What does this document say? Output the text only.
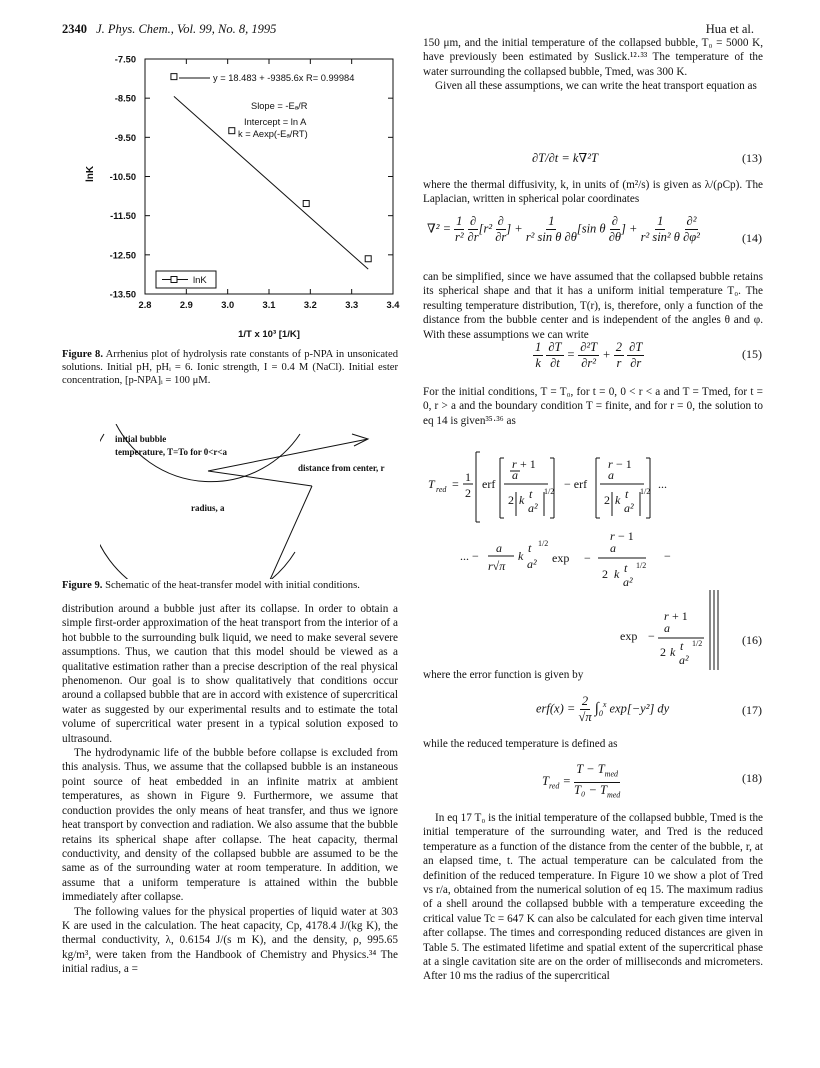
2340 J. Phys. Chem., Vol. 99, No. 8, 1995	Hua et al.
-7.50
-8.50
-9.50
-10.50
-11.50
-12.50
-13.50
2.8	2.9	3.0	3.1	3.2	3.3	3.4
y = 18.483 + -9385.6x R= 0.99984
Slope = -Eₐ/R
Intercept = ln A
k = Aexp(-Eₐ/RT)
lnK
lnK
1/T x 10³ [1/K]
Figure 8. Arrhenius plot of hydrolysis rate constants of p-NPA in unsonicated solutions. Initial pH, pHᵢ = 6. Ionic strength, I = 0.4 M (NaCl). Initial ester concentration, [p-NPA]ᵢ = 100 μM.
initial bubble
temperature, T=To for 0<r<a
distance from center, r
radius, a
Figure 9. Schematic of the heat-transfer model with initial conditions.

distribution around a bubble just after its collapse. In order to obtain a simple first-order approximation of the heat transport from the interior of a hot bubble to the surrounding bulk liquid, we need to make several severe assumptions. Thus, we caution that this model should be viewed as a qualitative estimation rather than a precise description of the real physical phenomenon. Our goal is to show qualitatively that conditions occur around a collapsed bubble that are in accord with existence of supercritical water as suggested by our experimental results and to estimate the total volume of supercritical water present in a typical solution exposed to ultrasound.

The hydrodynamic life of the bubble before collapse is excluded from this analysis. Thus, we assume that the collapsed bubble is an instaneous point source of heat embedded in an infinite matrix at ambient temperatures, as shown in Figure 9. Furthermore, we assume that conduction provides the only means of heat transfer, and thus we ignore heat transport by convection and radiation. We also assume that the bubble retains its spherical shape after collapse. The heat capacity, thermal conductivity, and density of the collapsed bubble are assumed to be the same as of the surrounding water at room temperature. In addition, we assume that a uniform temperature is attained within the bubble immediately after collapse.

The following values for the physical properties of liquid water at 303 K are used in the calculation. The heat capacity, Cp, 4178.4 J/(kg K), the thermal conductivity, λ, 0.6154 J/(s m K), and the density, ρ, 995.65 kg/m³, were taken from the Handbook of Chemistry and Physics.³⁴ The initial radius, a =

150 μm, and the initial temperature of the collapsed bubble, T₀ = 5000 K, have previously been estimated by Suslick.¹²·³³ The temperature of the water surrounding the collapsed bubble, Tmed, was 300 K.

Given all these assumptions, we can write the heat transport equation as

∂T/∂t = k∇²T	(13)

where the thermal diffusivity, k, in units of (m²/s) is given as λ/(ρCp). The Laplacian, written in spherical polar coordinates

$\nabla^2 = \frac{1}{\text{r²}}$
$\frac{\partial}{\partial r} [r^2 \frac{\partial}{\partial r}$ ] + $\frac{1}{\text{r² sin θ ∂θ}} [\sin$ θ $\frac{\partial}{\partial\theta}$ ] + $\frac{1}{\text{r² sin² θ}}$
$\frac{\text{∂²}}{\text{∂φ²}}$	(14)

can be simplified, since we have assumed that the collapsed bubble retains its spherical shape and that it has a uniform initial temperature T₀. The resulting temperature distribution, T(r), is, therefore, only a function of the distance from the bubble center and is independent of the angles θ and φ. With these assumptions we can write

$\frac{1}{k}$
$\frac{\partial T}{\partial t} = \frac{\text{∂²T}}{\text{∂r²}} + \frac{2}{r}$
$\frac{\partial T}{\partial r}$	(15)

For the initial conditions, T = T₀, for t = 0, 0 < r < a and T = Tmed, for t = 0, r > a and the boundary condition T = finite, and for r = 0, the solution to eq 14 is given³⁵·³⁶ as

T red = 1
2
erf
r + 1
a
2 k t
a²
1/2
− erf
r − 1
a
2 k t
a²
1/2
...
... −
a
r√π
k
t
a²
1/2
exp −
r − 1
a
2 k t
a²
1/2
−
exp −
r + 1
a
2 k t
a²
1/2	(16)

where the error function is given by

$erf(x) = \frac{2}{√\pi} \int_0^x$ exp[−y²] dy	(17)

while the reduced temperature is defined as

$T_{red} = \frac{T - T_{med}}{T_0 - T_{med}}$	(18)

In eq 17 T₀ is the initial temperature of the collapsed bubble, Tmed is the initial temperature of the surrounding water, and Tred is the reduced temperature as a function of the distance from the center of the bubble, r, at an elapsed time, t. The actual temperature can be calculated from the definition of the reduced temperature. In Figure 10 we show a plot of Tred vs r/a, obtained from the numerical solution of eq 15. The maximum radius of a shell around the collapsed bubble with a temperature exceeding the critical value Tc = 647 K can also be calculated for each given time interval after collapse. The times and corresponding reduced distances are given in Table 5. The estimated lifetime and spatial extent of the supercritical phase at a single cavitation site are on the order of milliseconds and micrometers. After 10 ms the radius of the supercritical
